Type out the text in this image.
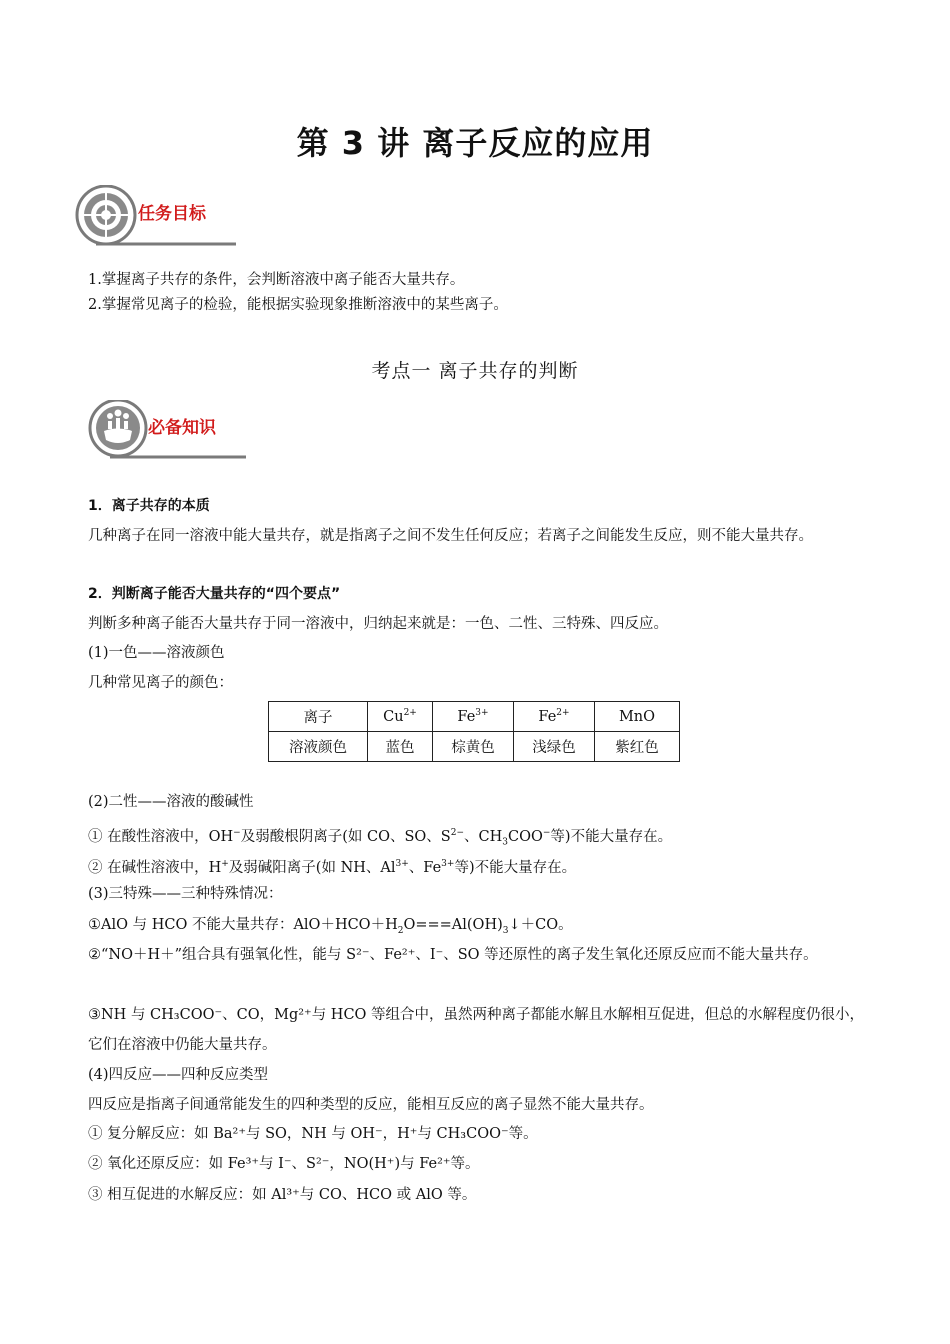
第 3 讲 离子反应的应用
任务目标
1.掌握离子共存的条件，会判断溶液中离子能否大量共存。
2.掌握常见离子的检验，能根据实验现象推断溶液中的某些离子。
考点一 离子共存的判断
必备知识
1．离子共存的本质
几种离子在同一溶液中能大量共存，就是指离子之间不发生任何反应；若离子之间能发生反应，则不能大量共存。
2．判断离子能否大量共存的“四个要点”
判断多种离子能否大量共存于同一溶液中，归纳起来就是：一色、二性、三特殊、四反应。
(1)一色——溶液颜色
几种常见离子的颜色：
离子	$Cu^{2+}$	$Fe^{3+}$	$Fe^{2+}$	MnO
溶液颜色	蓝色	棕黄色	浅绿色	紫红色
(2)二性——溶液的酸碱性
① 在酸性溶液中，OH−及弱酸根阴离子(如 CO、SO、$S^{2-}$、$CH_3COO^-$等)不能大量存在。
② 在碱性溶液中，H+及弱碱阳离子(如 NH、$Al^{3+}$、$Fe^{3+}$等)不能大量存在。
(3)三特殊——三种特殊情况：
①AlO 与 HCO 不能大量共存：$AlO+HCO+H_2O===Al(OH)_3↓+CO$。
②“NO＋H＋”组合具有强氧化性，能与 S²⁻、Fe²⁺、I⁻、SO 等还原性的离子发生氧化还原反应而不能大量共存。
③NH 与 CH₃COO⁻、CO，Mg²⁺与 HCO 等组合中，虽然两种离子都能水解且水解相互促进，但总的水解程度仍很小，它们在溶液中仍能大量共存。
(4)四反应——四种反应类型
四反应是指离子间通常能发生的四种类型的反应，能相互反应的离子显然不能大量共存。
① 复分解反应：如 Ba²⁺与 SO，NH 与 OH⁻，H⁺与 CH₃COO⁻等。
② 氧化还原反应：如 Fe³⁺与 I⁻、S²⁻，NO(H⁺)与 Fe²⁺等。
③ 相互促进的水解反应：如 Al³⁺与 CO、HCO 或 AlO 等。
